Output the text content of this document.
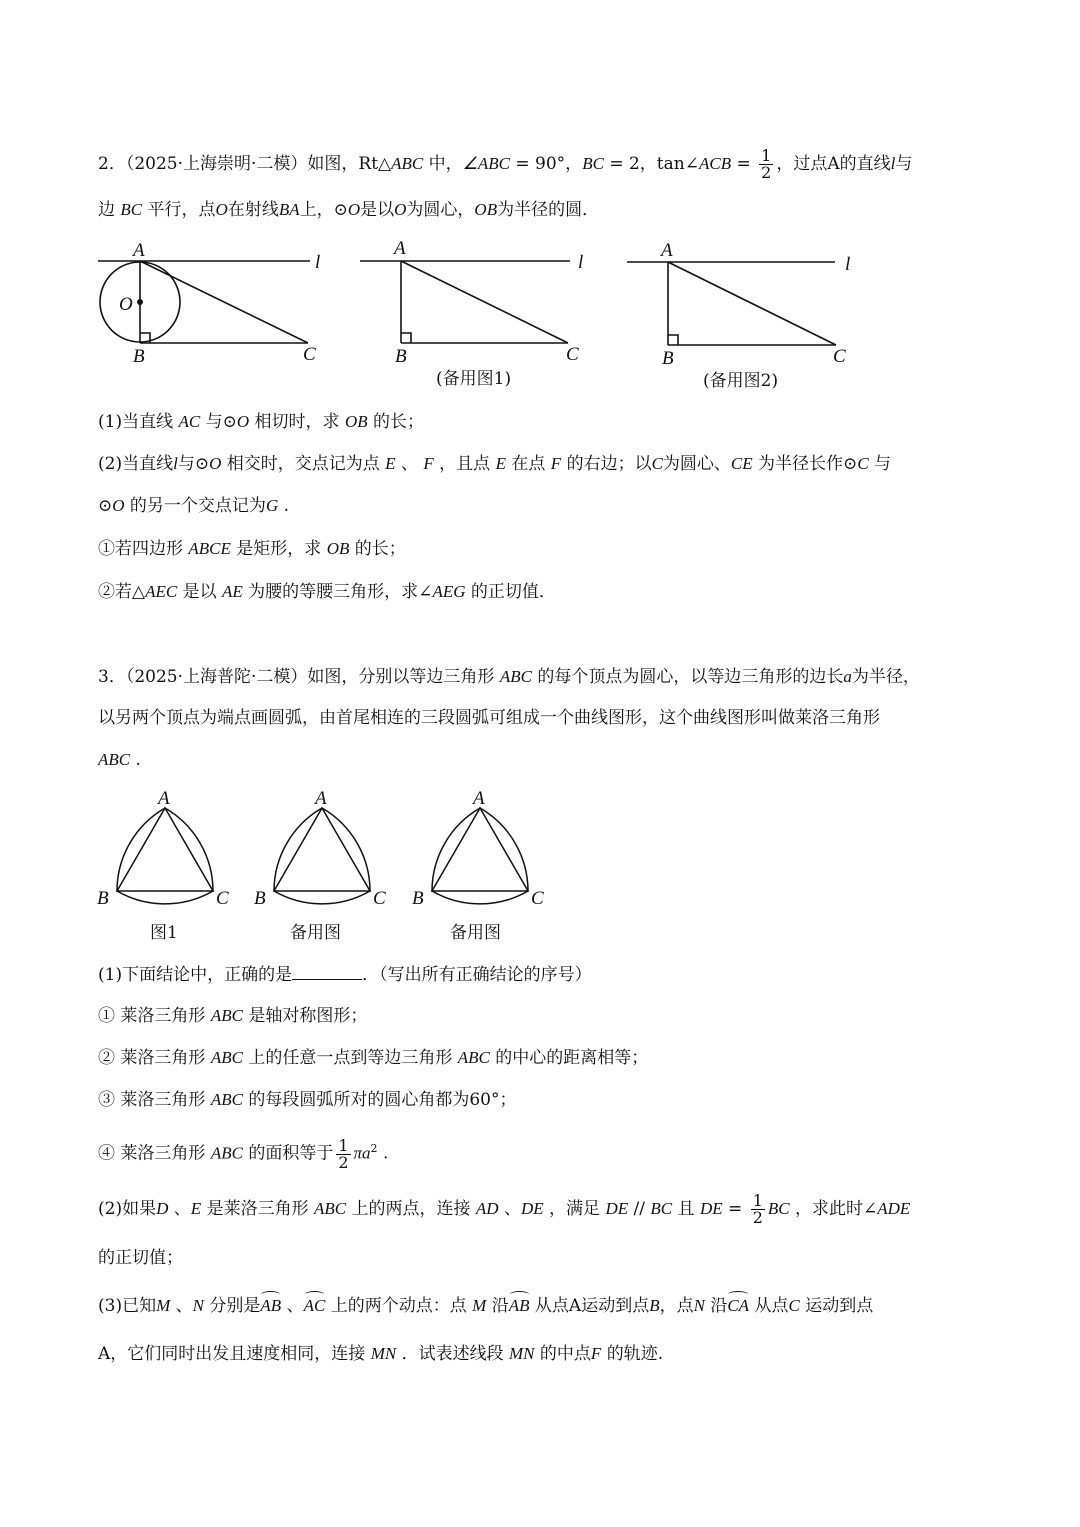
2．（2025·上海崇明·二模）如图，Rt△ABC 中，∠ABC = 90°，BC = 2，tan∠ACB = $\frac{1}{2}$ ，过点A的直线l与
边 BC 平行，点O在射线BA上，⊙O是以O为圆心，OB为半径的圆．
A
B	C
l
O
A
B	C
l
(备用图1)
A
B	C
l
(备用图2)
(1)当直线 AC 与⊙O 相切时，求 OB 的长；
(2)当直线l与⊙O 相交时，交点记为点 E 、 F ，且点 E 在点 F 的右边；以C为圆心、CE 为半径长作⊙C 与
⊙O 的另一个交点记为G .
①若四边形 ABCE 是矩形，求 OB 的长；
②若△AEC 是以 AE 为腰的等腰三角形，求∠AEG 的正切值．
3．（2025·上海普陀·二模）如图，分别以等边三角形 ABC 的每个顶点为圆心，以等边三角形的边长a为半径，
以另两个顶点为端点画圆弧，由首尾相连的三段圆弧可组成一个曲线图形，这个曲线图形叫做莱洛三角形
ABC .
A
B	C
图1
A
B	C
备用图
A
B	C
备用图
(1)下面结论中，正确的是	．（写出所有正确结论的序号）
① 莱洛三角形 ABC 是轴对称图形；
② 莱洛三角形 ABC 上的任意一点到等边三角形 ABC 的中心的距离相等；
③ 莱洛三角形 ABC 的每段圆弧所对的圆心角都为60°；
④ 莱洛三角形 ABC 的面积等于 $\frac{1}{2} \pi a^2$ .
(2)如果D 、E 是莱洛三角形 ABC 上的两点，连接 AD 、DE ，满足 DE // BC 且 DE = $\frac{1}{2}$ BC ，求此时∠ADE
的正切值；
(3)已知M 、N 分别是AB 、AC 上的两个动点：点 M 沿AB 从点A运动到点B，点N 沿CA 从点C 运动到点
A，它们同时出发且速度相同，连接 MN ．试表述线段 MN 的中点F 的轨迹.
